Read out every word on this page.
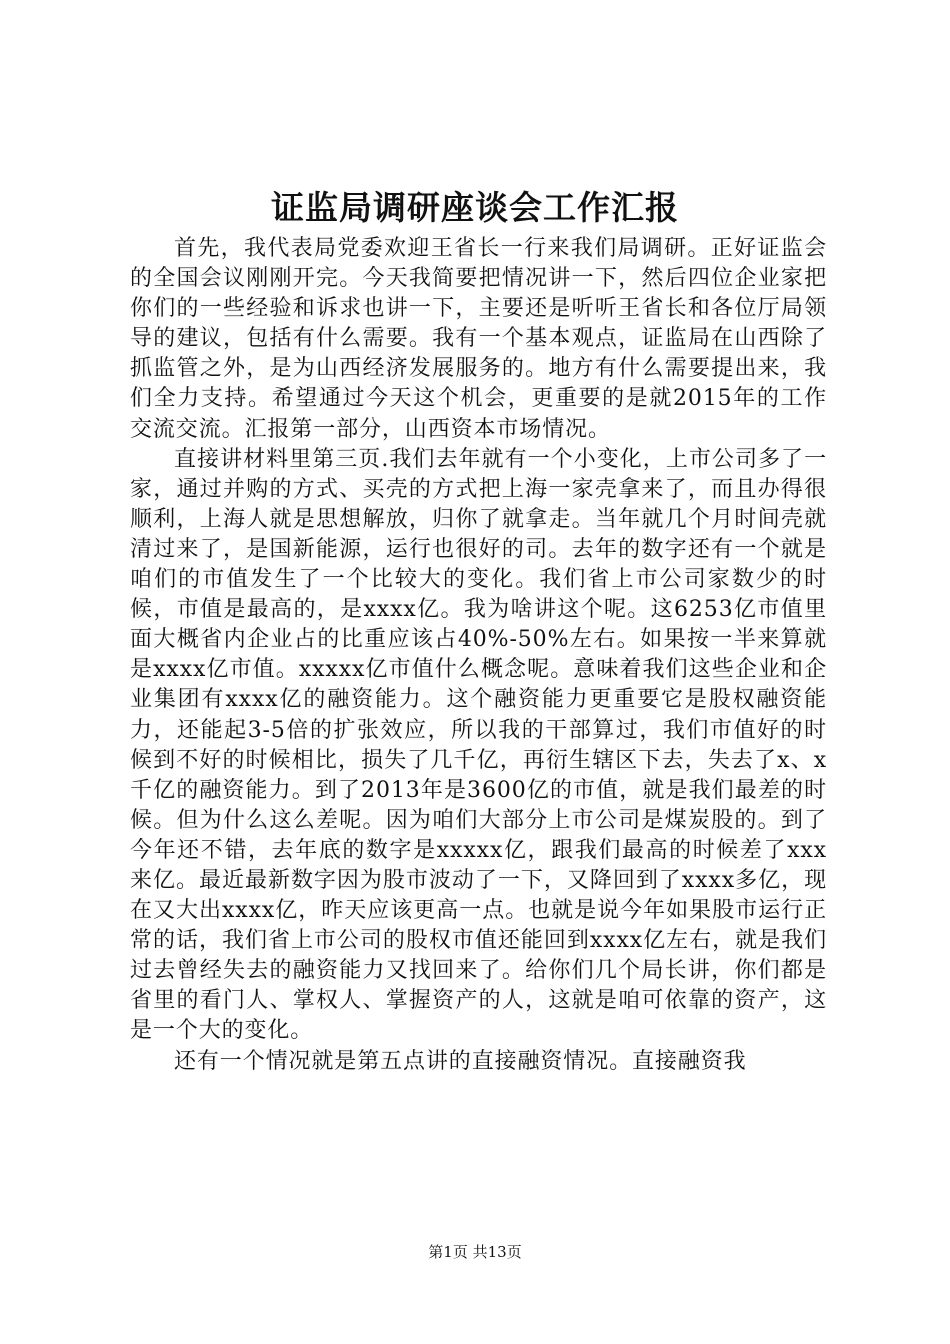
证监局调研座谈会工作汇报

首先，我代表局党委欢迎王省长一行来我们局调研。正好证监会的全国会议刚刚开完。今天我简要把情况讲一下，然后四位企业家把你们的一些经验和诉求也讲一下，主要还是听听王省长和各位厅局领导的建议，包括有什么需要。我有一个基本观点，证监局在山西除了抓监管之外，是为山西经济发展服务的。地方有什么需要提出来，我们全力支持。希望通过今天这个机会，更重要的是就2015年的工作交流交流。汇报第一部分，山西资本市场情况。

直接讲材料里第三页.我们去年就有一个小变化，上市公司多了一家，通过并购的方式、买壳的方式把上海一家壳拿来了，而且办得很顺利，上海人就是思想解放，归你了就拿走。当年就几个月时间壳就清过来了，是国新能源，运行也很好的司。去年的数字还有一个就是咱们的市值发生了一个比较大的变化。我们省上市公司家数少的时候，市值是最高的，是xxxx亿。我为啥讲这个呢。这6253亿市值里面大概省内企业占的比重应该占40%-50%左右。如果按一半来算就是xxxx亿市值。xxxxx亿市值什么概念呢。意味着我们这些企业和企业集团有xxxx亿的融资能力。这个融资能力更重要它是股权融资能力，还能起3-5倍的扩张效应，所以我的干部算过，我们市值好的时候到不好的时候相比，损失了几千亿，再衍生辖区下去，失去了x、x千亿的融资能力。到了2013年是3600亿的市值，就是我们最差的时候。但为什么这么差呢。因为咱们大部分上市公司是煤炭股的。到了今年还不错，去年底的数字是xxxxx亿，跟我们最高的时候差了xxx来亿。最近最新数字因为股市波动了一下，又降回到了xxxx多亿，现在又大出xxxx亿，昨天应该更高一点。也就是说今年如果股市运行正常的话，我们省上市公司的股权市值还能回到xxxx亿左右，就是我们过去曾经失去的融资能力又找回来了。给你们几个局长讲，你们都是省里的看门人、掌权人、掌握资产的人，这就是咱可依靠的资产，这是一个大的变化。

还有一个情况就是第五点讲的直接融资情况。直接融资我

第1页 共13页
